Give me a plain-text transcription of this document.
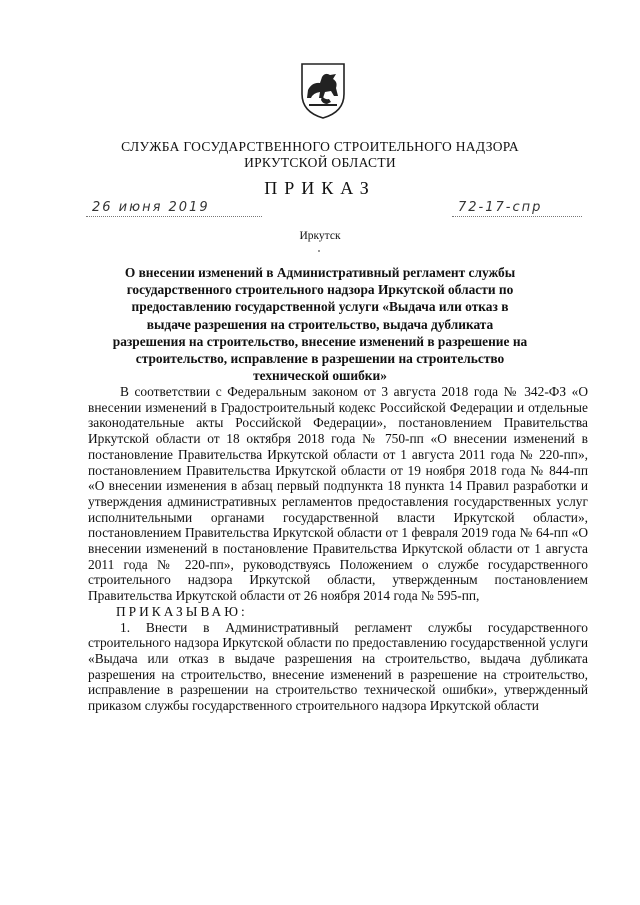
СЛУЖБА ГОСУДАРСТВЕННОГО СТРОИТЕЛЬНОГО НАДЗОРА
ИРКУТСКОЙ ОБЛАСТИ
ПРИКАЗ
26 июня 2019	72-17-спр
Иркутск
О внесении изменений в Административный регламент службы государственного строительного надзора Иркутской области по предоставлению государственной услуги «Выдача или отказ в выдаче разрешения на строительство, выдача дубликата разрешения на строительство, внесение изменений в разрешение на строительство, исправление в разрешении на строительство технической ошибки»

В соответствии с Федеральным законом от 3 августа 2018 года № 342-ФЗ «О внесении изменений в Градостроительный кодекс Российской Федерации и отдельные законодательные акты Российской Федерации», постановлением Правительства Иркутской области от 18 октября 2018 года № 750-пп «О внесении изменений в постановление Правительства Иркутской области от 1 августа 2011 года № 220-пп», постановлением Правительства Иркутской области от 19 ноября 2018 года № 844-пп «О внесении изменения в абзац первый подпункта 18 пункта 14 Правил разработки и утверждения административных регламентов предоставления государственных услуг исполнительными органами государственной власти Иркутской области», постановлением Правительства Иркутской области от 1 февраля 2019 года № 64-пп «О внесении изменений в постановление Правительства Иркутской области от 1 августа 2011 года № 220-пп», руководствуясь Положением о службе государственного строительного надзора Иркутской области, утвержденным постановлением Правительства Иркутской области от 26 ноября 2014 года № 595-пп,

ПРИКАЗЫВАЮ:

1. Внести в Административный регламент службы государственного строительного надзора Иркутской области по предоставлению государственной услуги «Выдача или отказ в выдаче разрешения на строительство, выдача дубликата разрешения на строительство, внесение изменений в разрешение на строительство, исправление в разрешении на строительство технической ошибки», утвержденный приказом службы государственного строительного надзора Иркутской области
